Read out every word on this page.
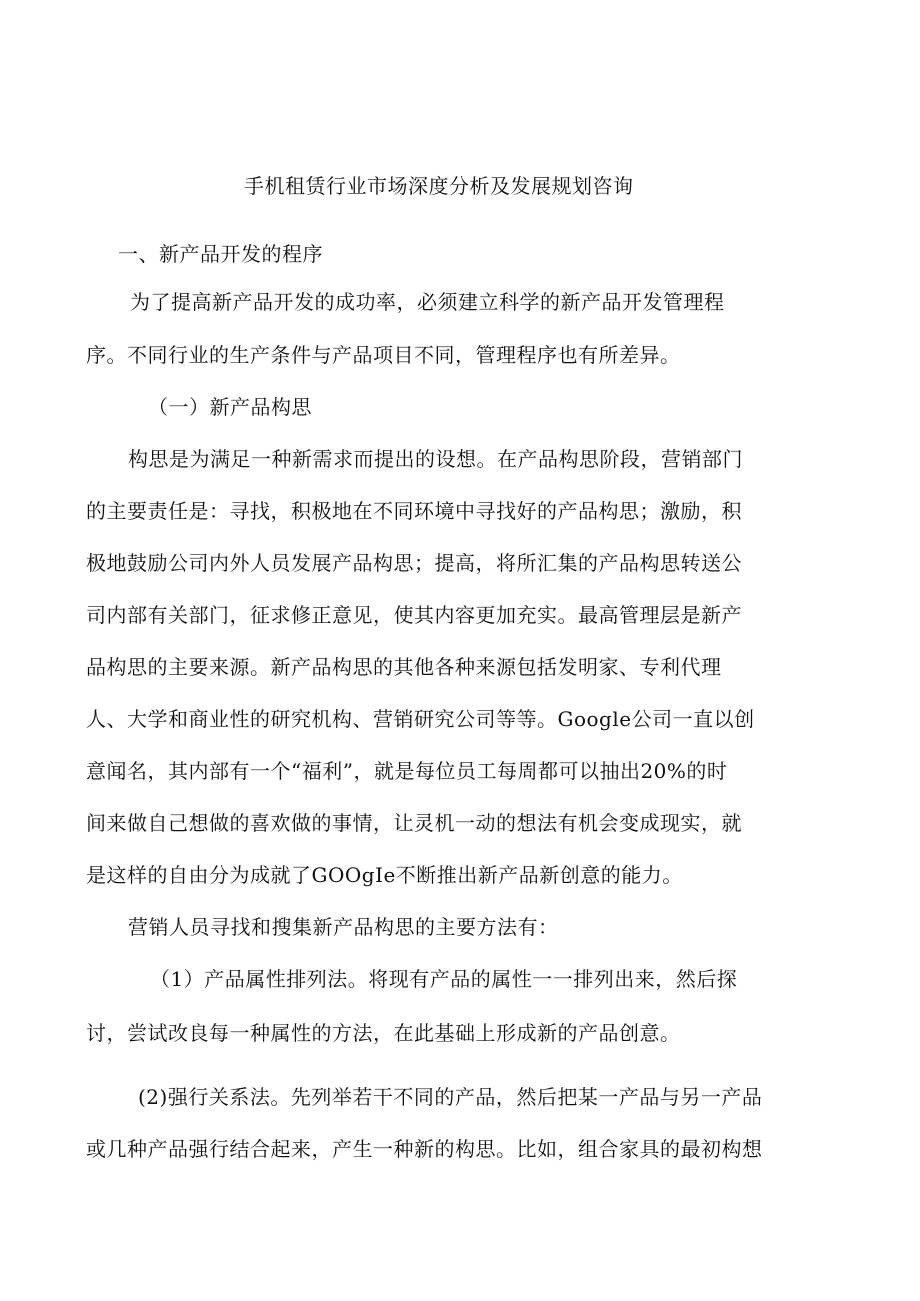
手机租赁行业市场深度分析及发展规划咨询

一、新产品开发的程序

为了提高新产品开发的成功率，必须建立科学的新产品开发管理程

序。不同行业的生产条件与产品项目不同，管理程序也有所差异。

（一）新产品构思

构思是为满足一种新需求而提出的设想。在产品构思阶段，营销部门

的主要责任是：寻找，积极地在不同环境中寻找好的产品构思；激励，积

极地鼓励公司内外人员发展产品构思；提高，将所汇集的产品构思转送公

司内部有关部门，征求修正意见，使其内容更加充实。最高管理层是新产

品构思的主要来源。新产品构思的其他各种来源包括发明家、专利代理

人、大学和商业性的研究机构、营销研究公司等等。Google公司一直以创

意闻名，其内部有一个“福利”，就是每位员工每周都可以抽出20%的时

间来做自己想做的喜欢做的事情，让灵机一动的想法有机会变成现实，就

是这样的自由分为成就了GOOgIe不断推出新产品新创意的能力。

营销人员寻找和搜集新产品构思的主要方法有：

（1）产品属性排列法。将现有产品的属性一一排列出来，然后探

讨，尝试改良每一种属性的方法，在此基础上形成新的产品创意。

(2)强行关系法。先列举若干不同的产品，然后把某一产品与另一产品

或几种产品强行结合起来，产生一种新的构思。比如，组合家具的最初构想
